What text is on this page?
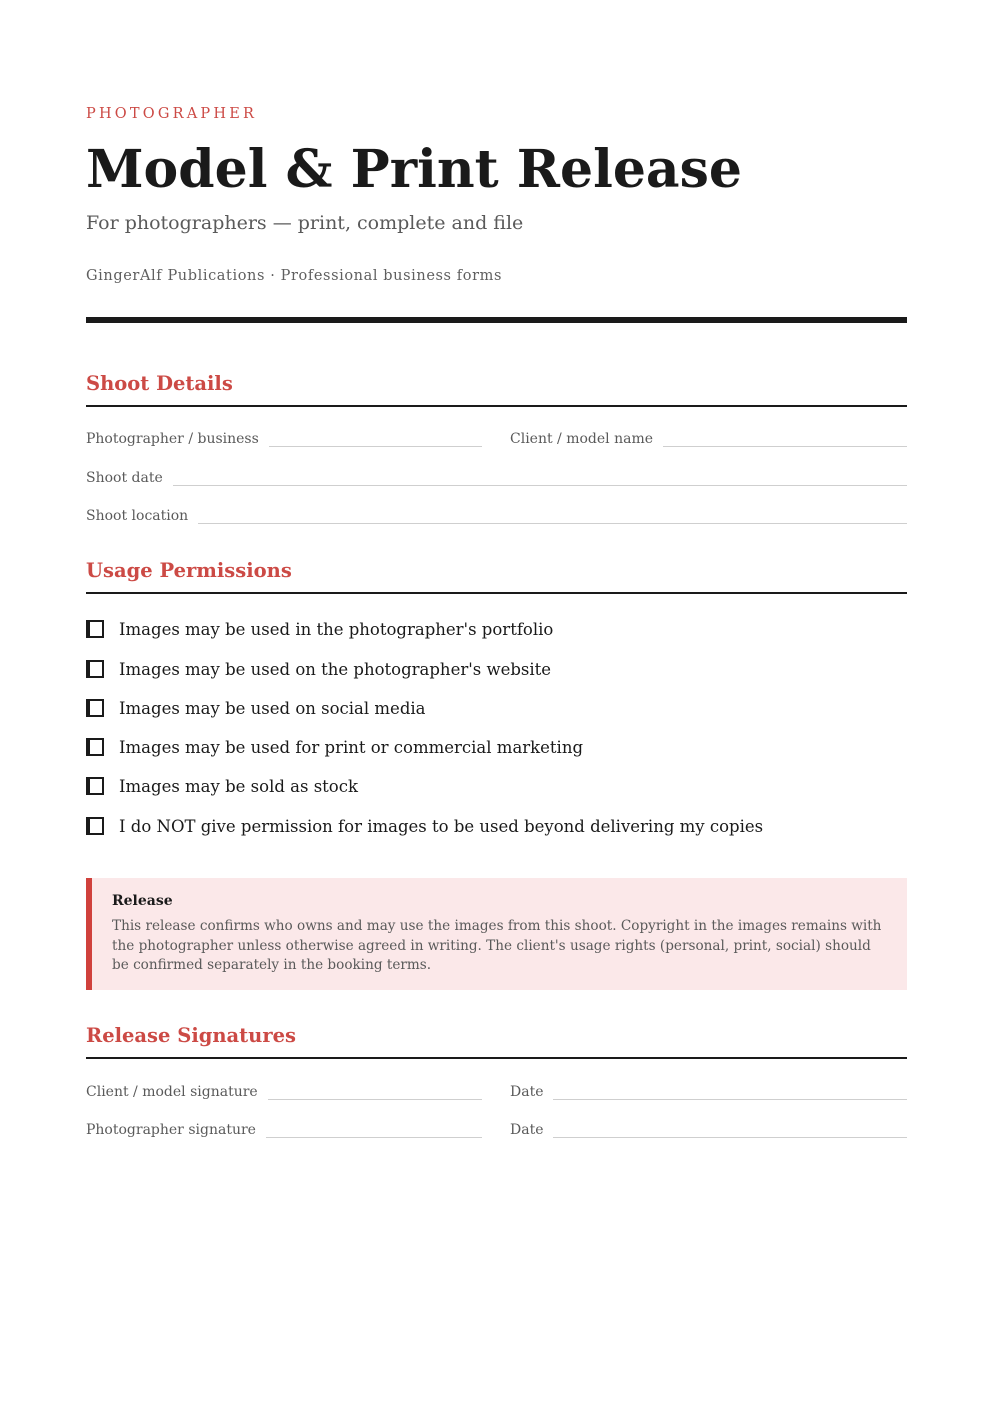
PHOTOGRAPHER
Model & Print Release
For photographers — print, complete and file
GingerAlf Publications · Professional business forms
Shoot Details
Photographer / business	Client / model name
Shoot date
Shoot location
Usage Permissions
Images may be used in the photographer's portfolio
Images may be used on the photographer's website
Images may be used on social media
Images may be used for print or commercial marketing
Images may be sold as stock
I do NOT give permission for images to be used beyond delivering my copies
Release
This release confirms who owns and may use the images from this shoot. Copyright in the images remains with the photographer unless otherwise agreed in writing. The client's usage rights (personal, print, social) should be confirmed separately in the booking terms.
Release Signatures
Client / model signature	Date
Photographer signature	Date
